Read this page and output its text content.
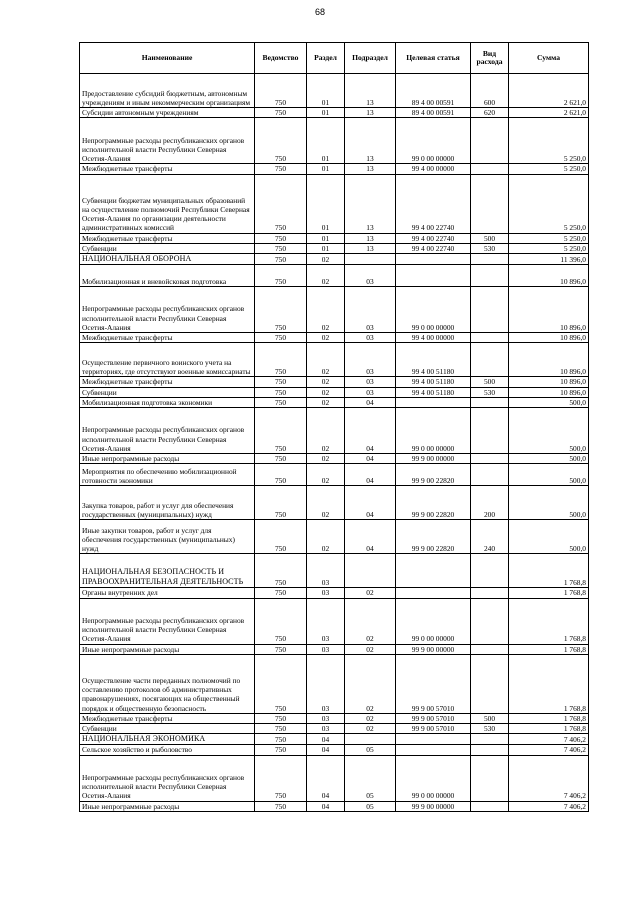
68
Наименование	Ведомство	Раздел	Подраздел	Целевая статья	Вид расхода	Сумма
Предоставление субсидий бюджетным, автономным учреждениям и иным некоммерческим организациям	750	01	13	89 4 00 00591	600	2 621,0
Субсидии автономным учреждениям	750	01	13	89 4 00 00591	620	2 621,0
Непрограммные расходы республиканских органов исполнительной власти Республики Северная Осетия-Алания	750	01	13	99 0 00 00000		5 250,0
Межбюджетные трансферты	750	01	13	99 4 00 00000		5 250,0
Субвенции бюджетам муниципальных образований на осуществление полномочий Республики Северная Осетия-Алания по организации деятельности административных комиссий	750	01	13	99 4 00 22740		5 250,0
Межбюджетные трансферты	750	01	13	99 4 00 22740	500	5 250,0
Субвенции	750	01	13	99 4 00 22740	530	5 250,0
НАЦИОНАЛЬНАЯ ОБОРОНА	750	02				11 396,0
Мобилизационная и вневойсковая подготовка	750	02	03			10 896,0
Непрограммные расходы республиканских органов исполнительной власти Республики Северная Осетия-Алания	750	02	03	99 0 00 00000		10 896,0
Межбюджетные трансферты	750	02	03	99 4 00 00000		10 896,0
Осуществление первичного воинского учета на территориях, где отсутствуют военные комиссариаты	750	02	03	99 4 00 51180		10 896,0
Межбюджетные трансферты	750	02	03	99 4 00 51180	500	10 896,0
Субвенции	750	02	03	99 4 00 51180	530	10 896,0
Мобилизационная подготовка экономики	750	02	04			500,0
Непрограммные расходы республиканских органов исполнительной власти Республики Северная Осетия-Алания	750	02	04	99 0 00 00000		500,0
Иные непрограммные расходы	750	02	04	99 9 00 00000		500,0
Мероприятия по обеспечению мобилизационной готовности экономики	750	02	04	99 9 00 22820		500,0
Закупка товаров, работ и услуг для обеспечения государственных (муниципальных) нужд	750	02	04	99 9 00 22820	200	500,0
Иные закупки товаров, работ и услуг для обеспечения государственных (муниципальных) нужд	750	02	04	99 9 00 22820	240	500,0
НАЦИОНАЛЬНАЯ БЕЗОПАСНОСТЬ И ПРАВООХРАНИТЕЛЬНАЯ ДЕЯТЕЛЬНОСТЬ	750	03				1 768,8
Органы внутренних дел	750	03	02			1 768,8
Непрограммные расходы республиканских органов исполнительной власти Республики Северная Осетия-Алания	750	03	02	99 0 00 00000		1 768,8
Иные непрограммные расходы	750	03	02	99 9 00 00000		1 768,8
Осуществление части переданных полномочий по составлению протоколов об административных правонарушениях, посягающих на общественный порядок и общественную безопасность	750	03	02	99 9 00 57010		1 768,8
Межбюджетные трансферты	750	03	02	99 9 00 57010	500	1 768,8
Субвенции	750	03	02	99 9 00 57010	530	1 768,8
НАЦИОНАЛЬНАЯ ЭКОНОМИКА	750	04				7 406,2
Сельское хозяйство и рыболовство	750	04	05			7 406,2
Непрограммные расходы республиканских органов исполнительной власти Республики Северная Осетия-Алания	750	04	05	99 0 00 00000		7 406,2
Иные непрограммные расходы	750	04	05	99 9 00 00000		7 406,2
